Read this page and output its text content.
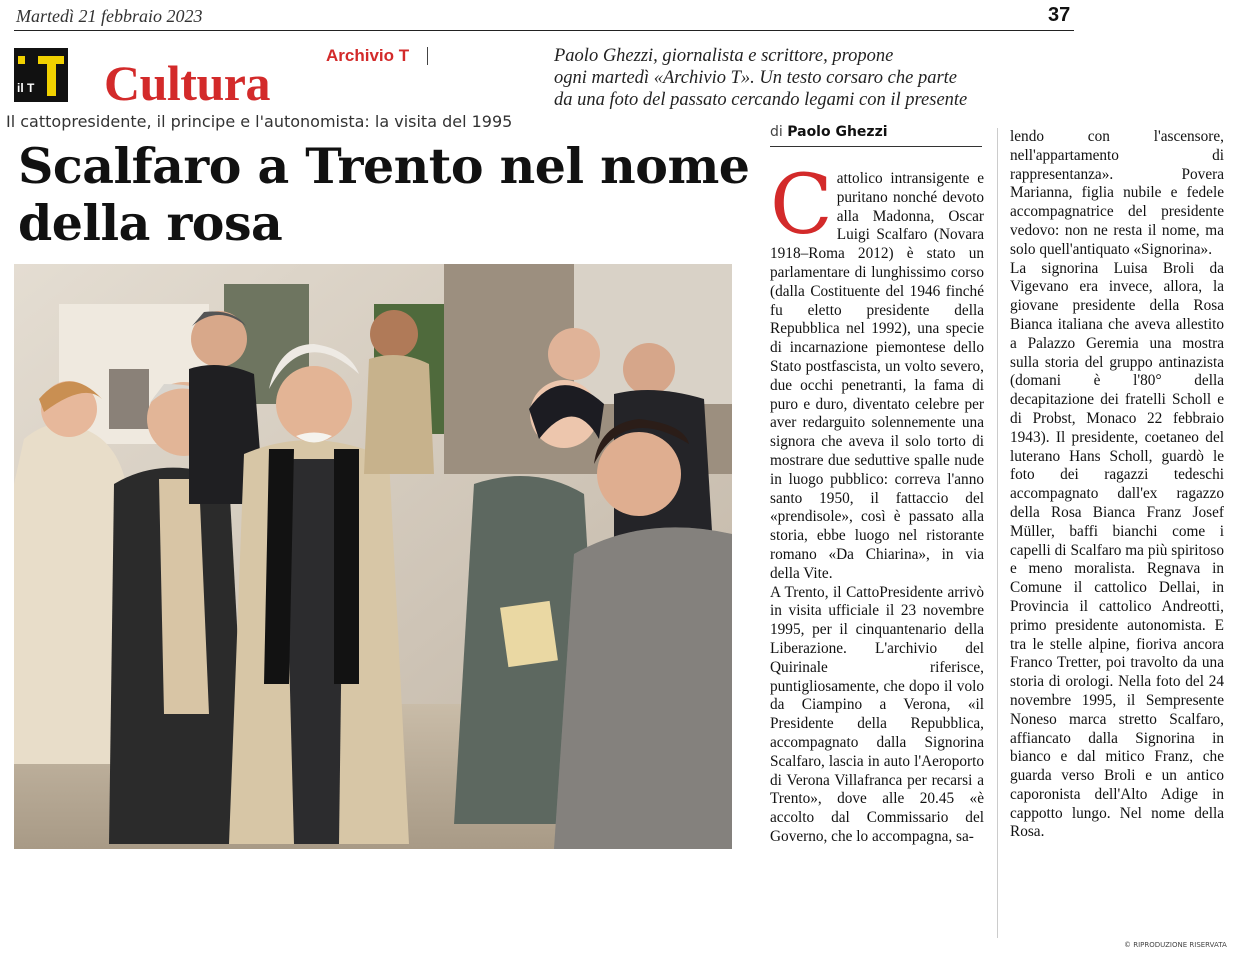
Martedì 21 febbraio 2023	37
il T Cultura	Archivio T	Paolo Ghezzi, giornalista e scrittore, propone
ogni martedì «Archivio T». Un testo corsaro che parte
da una foto del passato cercando legami con il presente
Il cattopresidente, il principe e l'autonomista: la visita del 1995
Scalfaro a Trento nel nome
della rosa
di Paolo Ghezzi
C attolico intransigente e puritano nonché devoto alla Madonna, Oscar Luigi Scalfaro (Novara 1918–Roma 2012) è stato un parlamentare di lunghissimo corso (dalla Costituente del 1946 finché fu eletto presidente della Repubblica nel 1992), una specie di incarnazione piemontese dello Stato postfascista, un volto severo, due occhi penetranti, la fama di puro e duro, diventato celebre per aver redarguito solennemente una signora che aveva il solo torto di mostrare due seduttive spalle nude in luogo pubblico: correva l'anno santo 1950, il fattaccio del «prendisole», così è passato alla storia, ebbe luogo nel ristorante romano «Da Chiarina», in via della Vite.

A Trento, il CattoPresidente arrivò in visita ufficiale il 23 novembre 1995, per il cinquantenario della Liberazione. L'archivio del Quirinale riferisce, puntigliosamente, che dopo il volo da Ciampino a Verona, «il Presidente della Repubblica, accompagnato dalla Signorina Scalfaro, lascia in auto l'Aeroporto di Verona Villafranca per recarsi a Trento», dove alle 20.45 «è accolto dal Commissario del Governo, che lo accompagna, sa-

lendo con l'ascensore, nell'appartamento di rappresentanza». Povera Marianna, figlia nubile e fedele accompagnatrice del presidente vedovo: non ne resta il nome, ma solo quell'antiquato «Signorina».

La signorina Luisa Broli da Vigevano era invece, allora, la giovane presidente della Rosa Bianca italiana che aveva allestito a Palazzo Geremia una mostra sulla storia del gruppo antinazista (domani è l'80° della decapitazione dei fratelli Scholl e di Probst, Monaco 22 febbraio 1943). Il presidente, coetaneo del luterano Hans Scholl, guardò le foto dei ragazzi tedeschi accompagnato dall'ex ragazzo della Rosa Bianca Franz Josef Müller, baffi bianchi come i capelli di Scalfaro ma più spiritoso e meno moralista. Regnava in Comune il cattolico Dellai, in Provincia il cattolico Andreotti, primo presidente autonomista. E tra le stelle alpine, fioriva ancora Franco Tretter, poi travolto da una storia di orologi. Nella foto del 24 novembre 1995, il Sempresente Noneso marca stretto Scalfaro, affiancato dalla Signorina in bianco e dal mitico Franz, che guarda verso Broli e un antico caporonista dell'Alto Adige in cappotto lungo. Nel nome della Rosa.

© RIPRODUZIONE RISERVATA
